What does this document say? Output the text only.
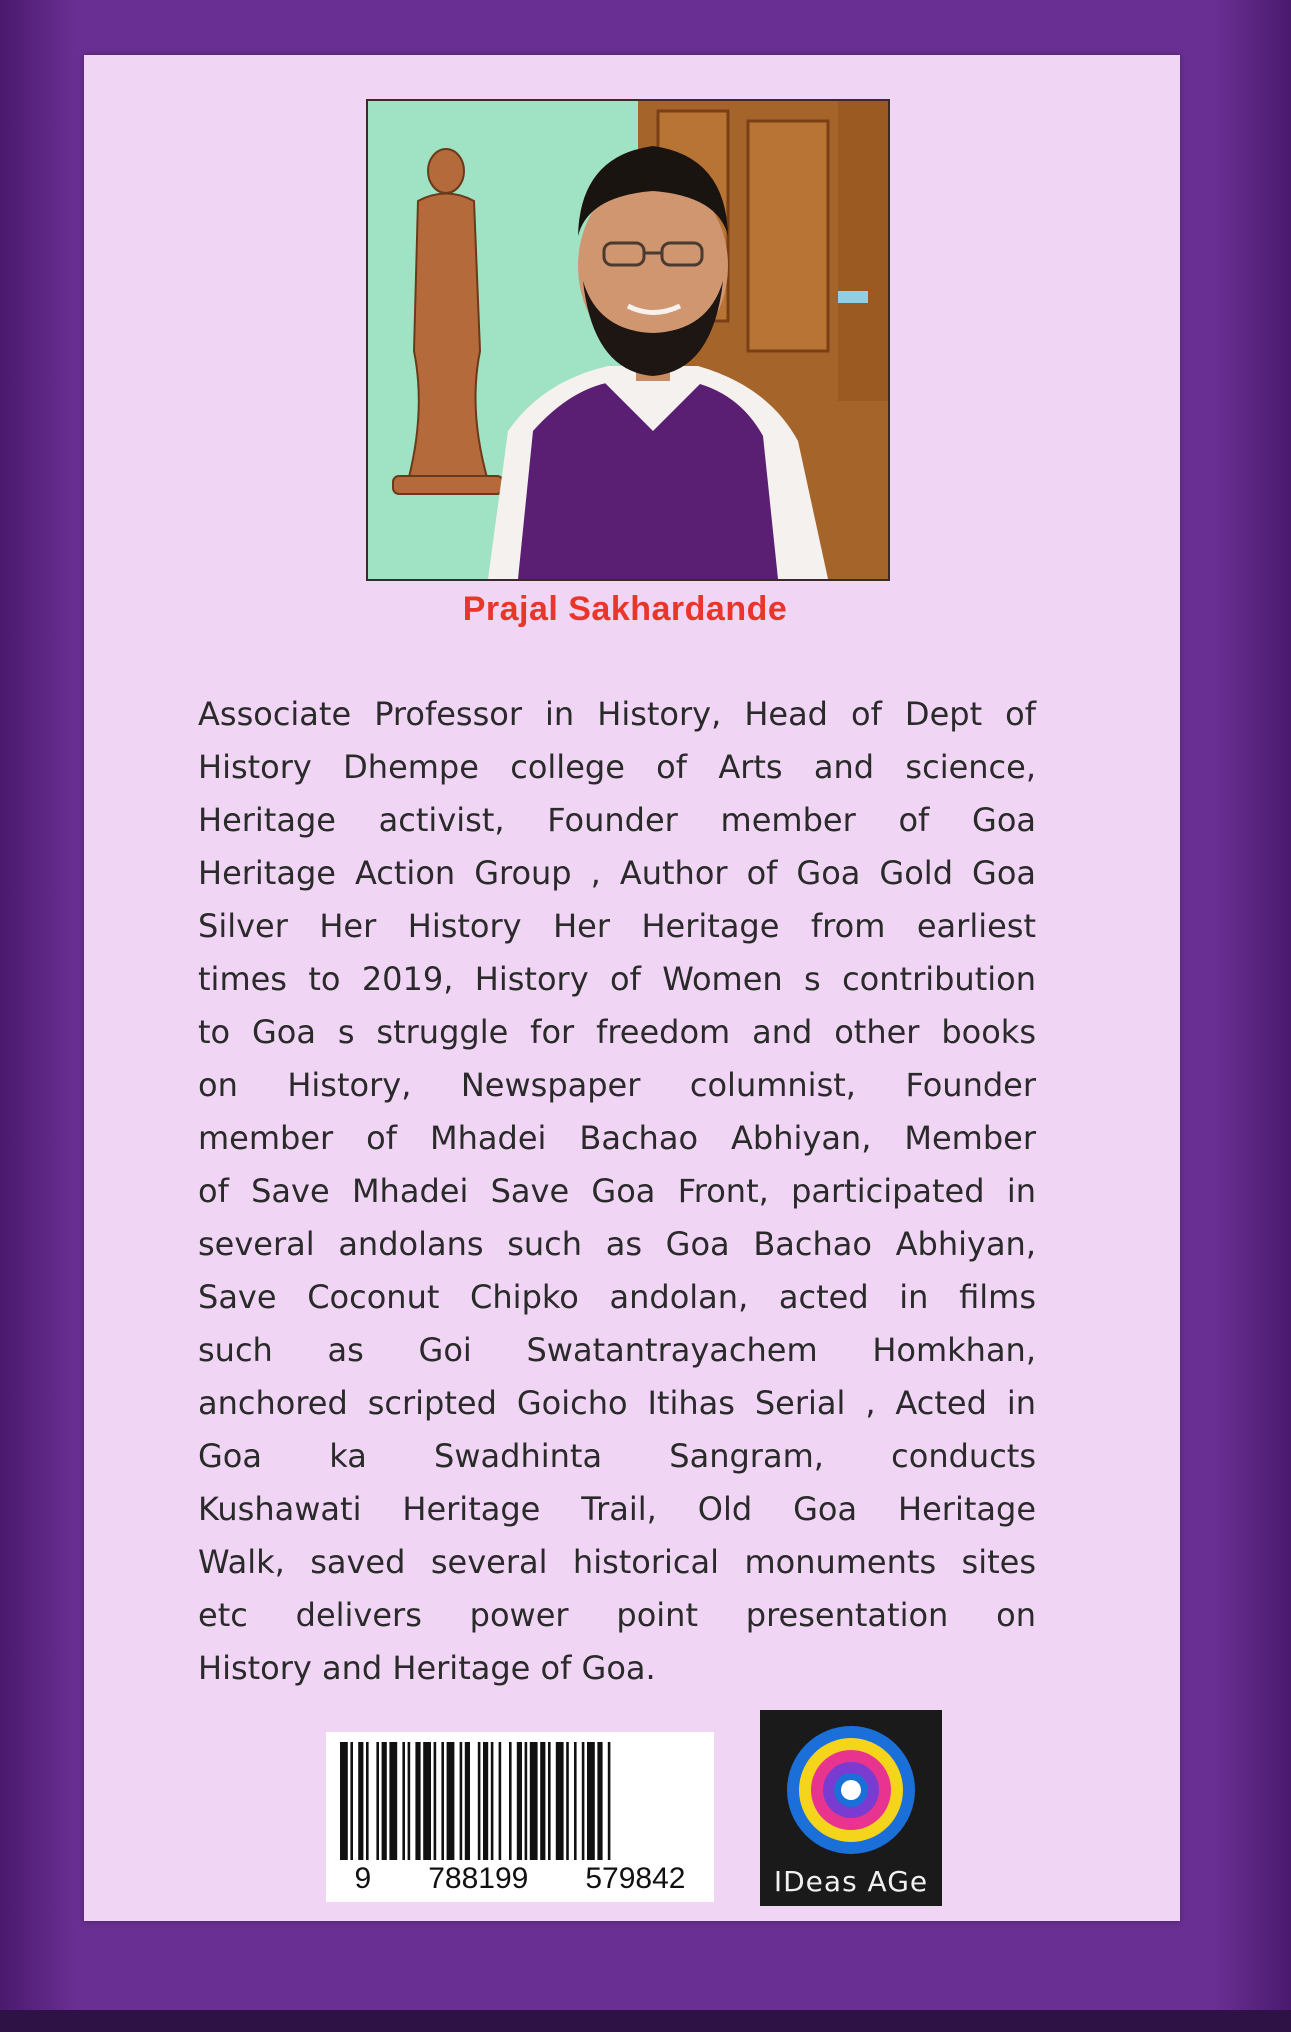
Prajal Sakhardande
Associate Professor in History, Head of Dept of
History Dhempe college of Arts and science,
Heritage activist, Founder member of Goa
Heritage Action Group , Author of Goa Gold Goa
Silver Her History Her Heritage from earliest
times to 2019, History of Women s contribution
to Goa s struggle for freedom and other books
on History, Newspaper columnist, Founder
member of Mhadei Bachao Abhiyan, Member
of Save Mhadei Save Goa Front, participated in
several andolans such as Goa Bachao Abhiyan,
Save Coconut Chipko andolan, acted in films
such as Goi Swatantrayachem Homkhan,
anchored scripted Goicho Itihas Serial , Acted in
Goa ka Swadhinta Sangram, conducts
Kushawati Heritage Trail, Old Goa Heritage
Walk, saved several historical monuments sites
etc delivers power point presentation on
History and Heritage of Goa.
9 788199 579842	IDeas AGe
